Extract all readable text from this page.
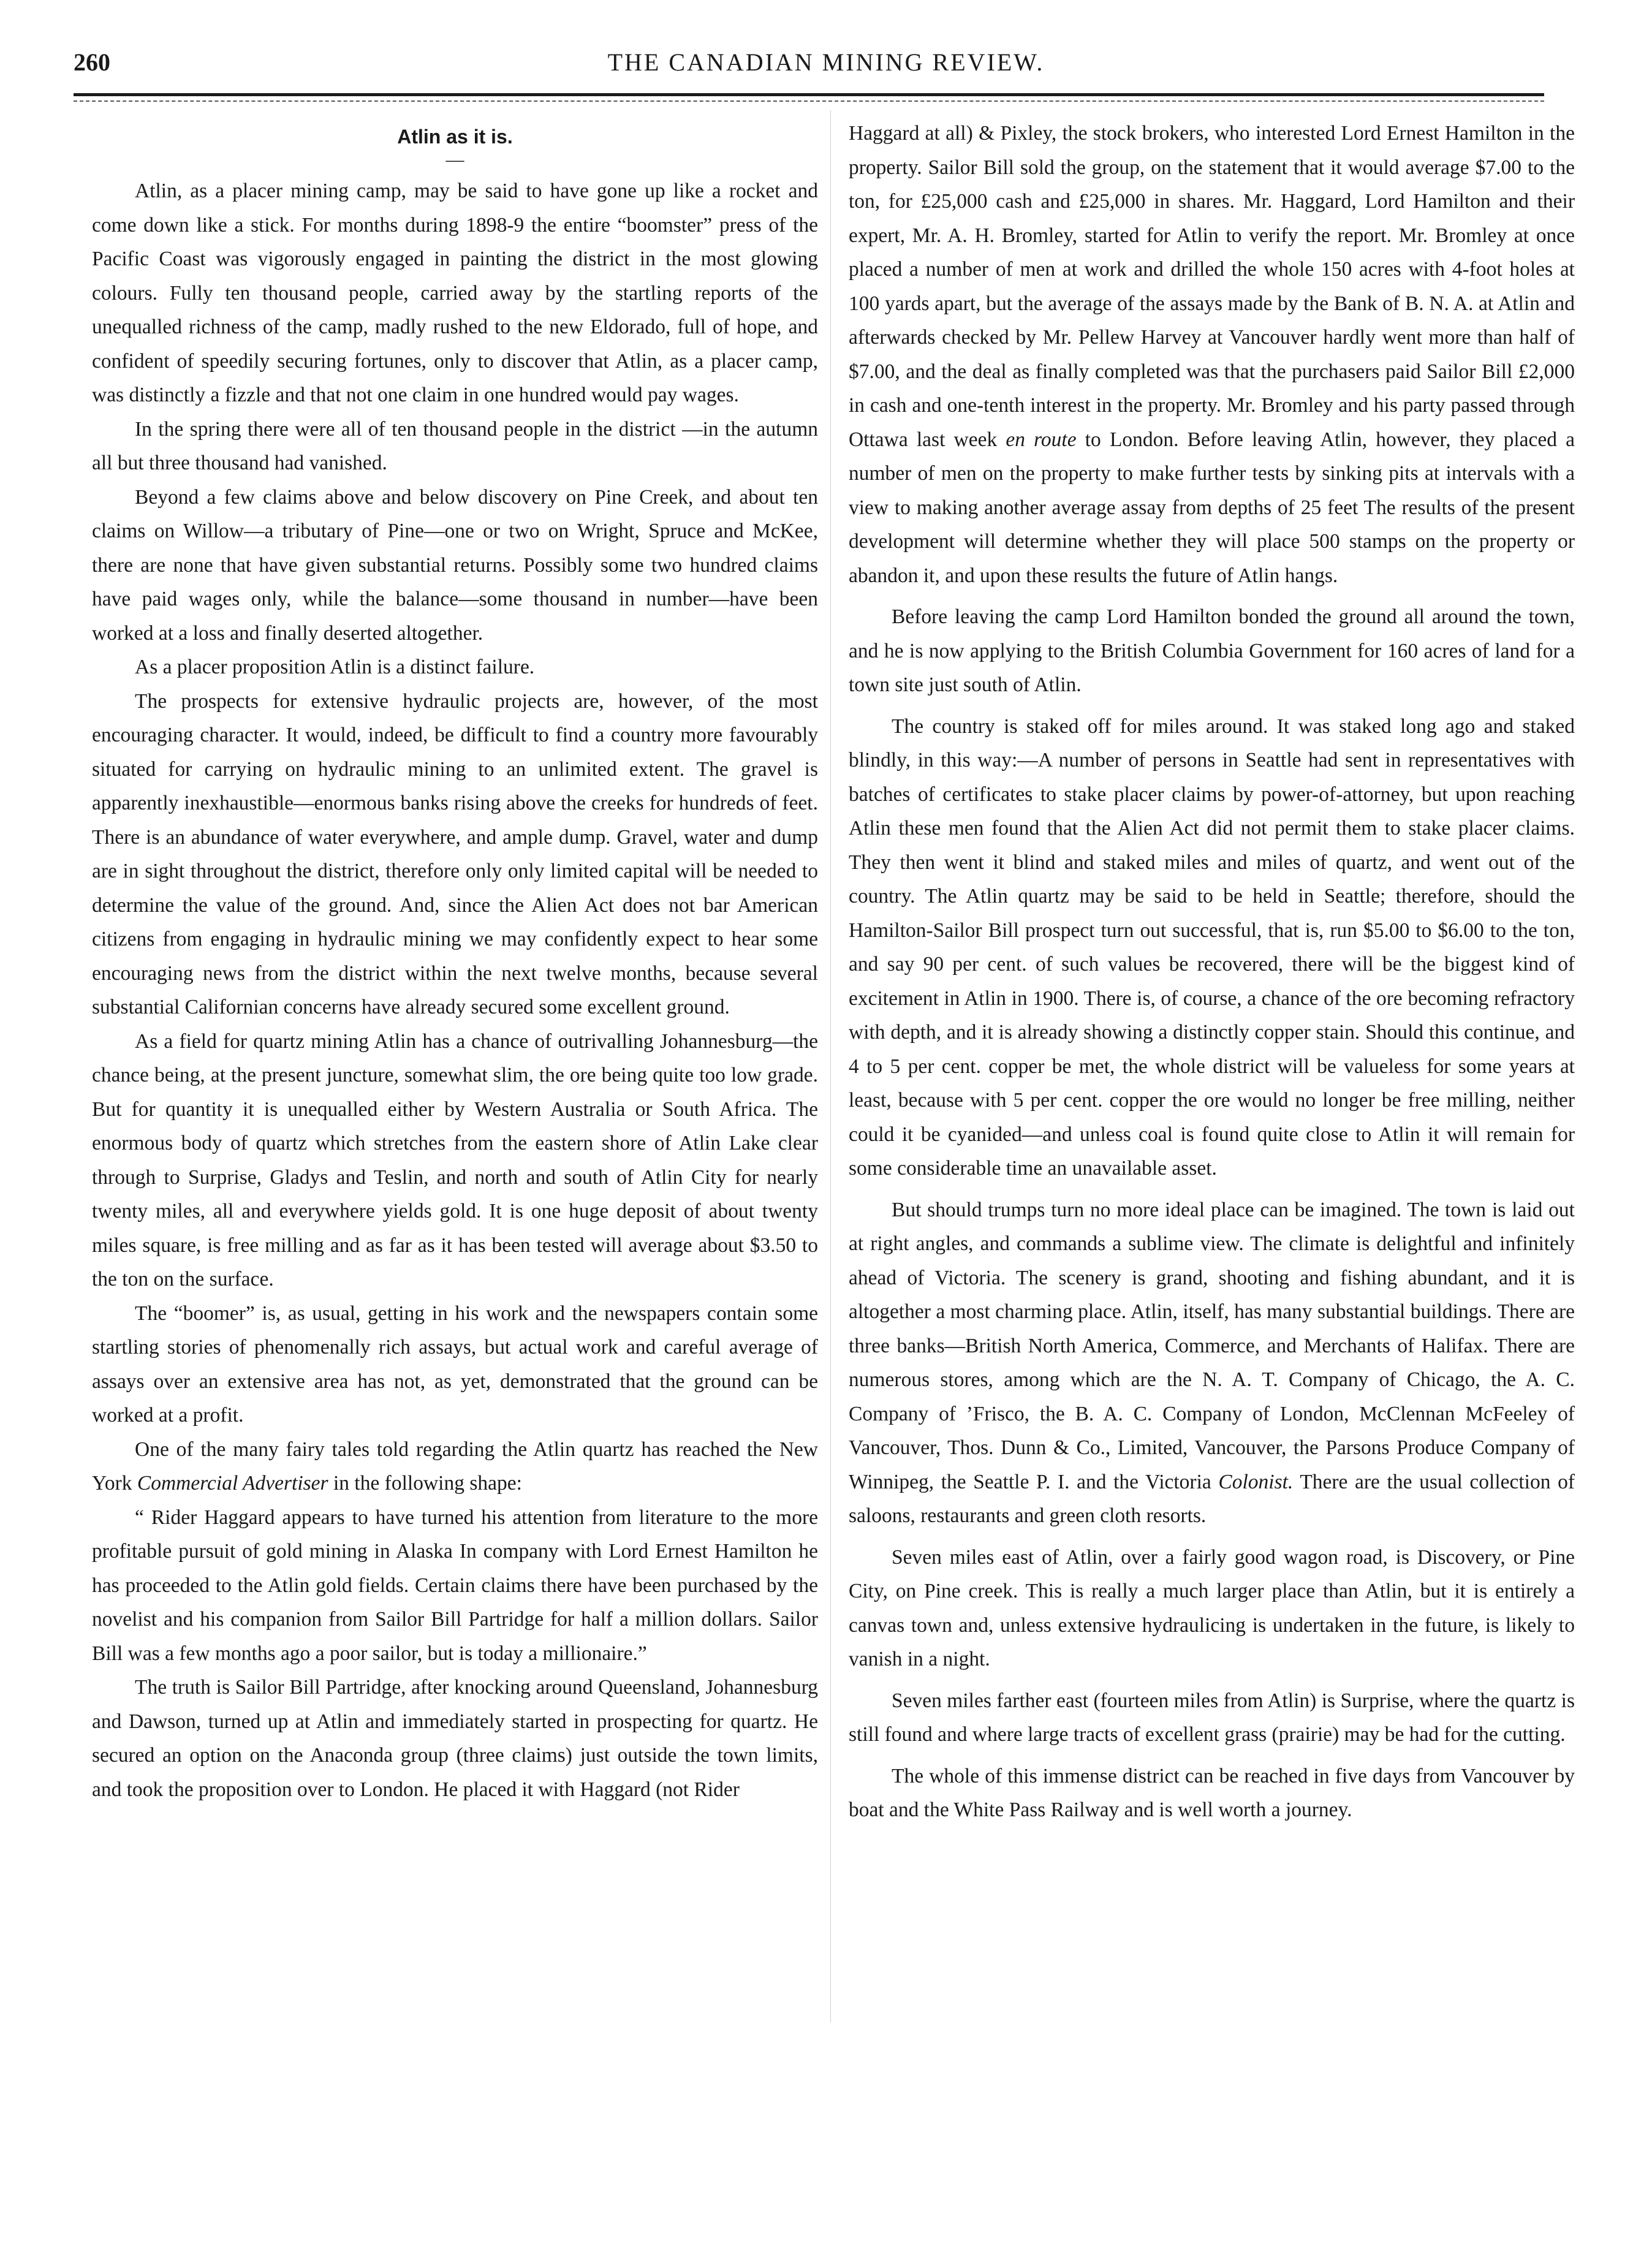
260	THE CANADIAN MINING REVIEW.
Atlin as it is.
—

Atlin, as a placer mining camp, may be said to have gone up like a rocket and come down like a stick. For months during 1898-9 the entire “boomster” press of the Pacific Coast was vigorously engaged in painting the district in the most glowing colours. Fully ten thousand people, carried away by the startling reports of the unequalled richness of the camp, madly rushed to the new Eldorado, full of hope, and confident of speedily securing fortunes, only to discover that Atlin, as a placer camp, was distinctly a fizzle and that not one claim in one hundred would pay wages.

In the spring there were all of ten thousand people in the district —in the autumn all but three thousand had vanished.

Beyond a few claims above and below discovery on Pine Creek, and about ten claims on Willow—a tributary of Pine—one or two on Wright, Spruce and McKee, there are none that have given substantial returns. Possibly some two hundred claims have paid wages only, while the balance—some thousand in number—have been worked at a loss and finally deserted altogether.

As a placer proposition Atlin is a distinct failure.

The prospects for extensive hydraulic projects are, however, of the most encouraging character. It would, indeed, be difficult to find a country more favourably situated for carrying on hydraulic mining to an unlimited extent. The gravel is apparently inexhaustible—enormous banks rising above the creeks for hundreds of feet. There is an abundance of water everywhere, and ample dump. Gravel, water and dump are in sight throughout the district, therefore only only limited capital will be needed to determine the value of the ground. And, since the Alien Act does not bar American citizens from engaging in hydraulic mining we may confidently expect to hear some encouraging news from the district within the next twelve months, because several substantial Californian concerns have already secured some excellent ground.

As a field for quartz mining Atlin has a chance of outrivalling Johannesburg—the chance being, at the present juncture, somewhat slim, the ore being quite too low grade. But for quantity it is unequalled either by Western Australia or South Africa. The enormous body of quartz which stretches from the eastern shore of Atlin Lake clear through to Surprise, Gladys and Teslin, and north and south of Atlin City for nearly twenty miles, all and everywhere yields gold. It is one huge deposit of about twenty miles square, is free milling and as far as it has been tested will average about $3.50 to the ton on the surface.

The “boomer” is, as usual, getting in his work and the newspapers contain some startling stories of phenomenally rich assays, but actual work and careful average of assays over an extensive area has not, as yet, demonstrated that the ground can be worked at a profit.

One of the many fairy tales told regarding the Atlin quartz has reached the New York Commercial Advertiser in the following shape:

“ Rider Haggard appears to have turned his attention from literature to the more profitable pursuit of gold mining in Alaska In company with Lord Ernest Hamilton he has proceeded to the Atlin gold fields. Certain claims there have been purchased by the novelist and his companion from Sailor Bill Partridge for half a million dollars. Sailor Bill was a few months ago a poor sailor, but is today a millionaire.”

The truth is Sailor Bill Partridge, after knocking around Queensland, Johannesburg and Dawson, turned up at Atlin and immediately started in prospecting for quartz. He secured an option on the Anaconda group (three claims) just outside the town limits, and took the proposition over to London. He placed it with Haggard (not Rider

Haggard at all) & Pixley, the stock brokers, who interested Lord Ernest Hamilton in the property. Sailor Bill sold the group, on the statement that it would average $7.00 to the ton, for £25,000 cash and £25,000 in shares. Mr. Haggard, Lord Hamilton and their expert, Mr. A. H. Bromley, started for Atlin to verify the report. Mr. Bromley at once placed a number of men at work and drilled the whole 150 acres with 4-foot holes at 100 yards apart, but the average of the assays made by the Bank of B. N. A. at Atlin and afterwards checked by Mr. Pellew Harvey at Vancouver hardly went more than half of $7.00, and the deal as finally completed was that the purchasers paid Sailor Bill £2,000 in cash and one-tenth interest in the property. Mr. Bromley and his party passed through Ottawa last week en route to London. Before leaving Atlin, however, they placed a number of men on the property to make further tests by sinking pits at intervals with a view to making another average assay from depths of 25 feet The results of the present development will determine whether they will place 500 stamps on the property or abandon it, and upon these results the future of Atlin hangs.

Before leaving the camp Lord Hamilton bonded the ground all around the town, and he is now applying to the British Columbia Government for 160 acres of land for a town site just south of Atlin.

The country is staked off for miles around. It was staked long ago and staked blindly, in this way:—A number of persons in Seattle had sent in representatives with batches of certificates to stake placer claims by power-of-attorney, but upon reaching Atlin these men found that the Alien Act did not permit them to stake placer claims. They then went it blind and staked miles and miles of quartz, and went out of the country. The Atlin quartz may be said to be held in Seattle; therefore, should the Hamilton-Sailor Bill prospect turn out successful, that is, run $5.00 to $6.00 to the ton, and say 90 per cent. of such values be recovered, there will be the biggest kind of excitement in Atlin in 1900. There is, of course, a chance of the ore becoming refractory with depth, and it is already showing a distinctly copper stain. Should this continue, and 4 to 5 per cent. copper be met, the whole district will be valueless for some years at least, because with 5 per cent. copper the ore would no longer be free milling, neither could it be cyanided—and unless coal is found quite close to Atlin it will remain for some considerable time an unavailable asset.

But should trumps turn no more ideal place can be imagined. The town is laid out at right angles, and commands a sublime view. The climate is delightful and infinitely ahead of Victoria. The scenery is grand, shooting and fishing abundant, and it is altogether a most charming place. Atlin, itself, has many substantial buildings. There are three banks—British North America, Commerce, and Merchants of Halifax. There are numerous stores, among which are the N. A. T. Company of Chicago, the A. C. Company of ’Frisco, the B. A. C. Company of London, McClennan McFeeley of Vancouver, Thos. Dunn & Co., Limited, Vancouver, the Parsons Produce Company of Winnipeg, the Seattle P. I. and the Victoria Colonist. There are the usual collection of saloons, restaurants and green cloth resorts.

Seven miles east of Atlin, over a fairly good wagon road, is Discovery, or Pine City, on Pine creek. This is really a much larger place than Atlin, but it is entirely a canvas town and, unless extensive hydraulicing is undertaken in the future, is likely to vanish in a night.

Seven miles farther east (fourteen miles from Atlin) is Surprise, where the quartz is still found and where large tracts of excellent grass (prairie) may be had for the cutting.

The whole of this immense district can be reached in five days from Vancouver by boat and the White Pass Railway and is well worth a journey.
